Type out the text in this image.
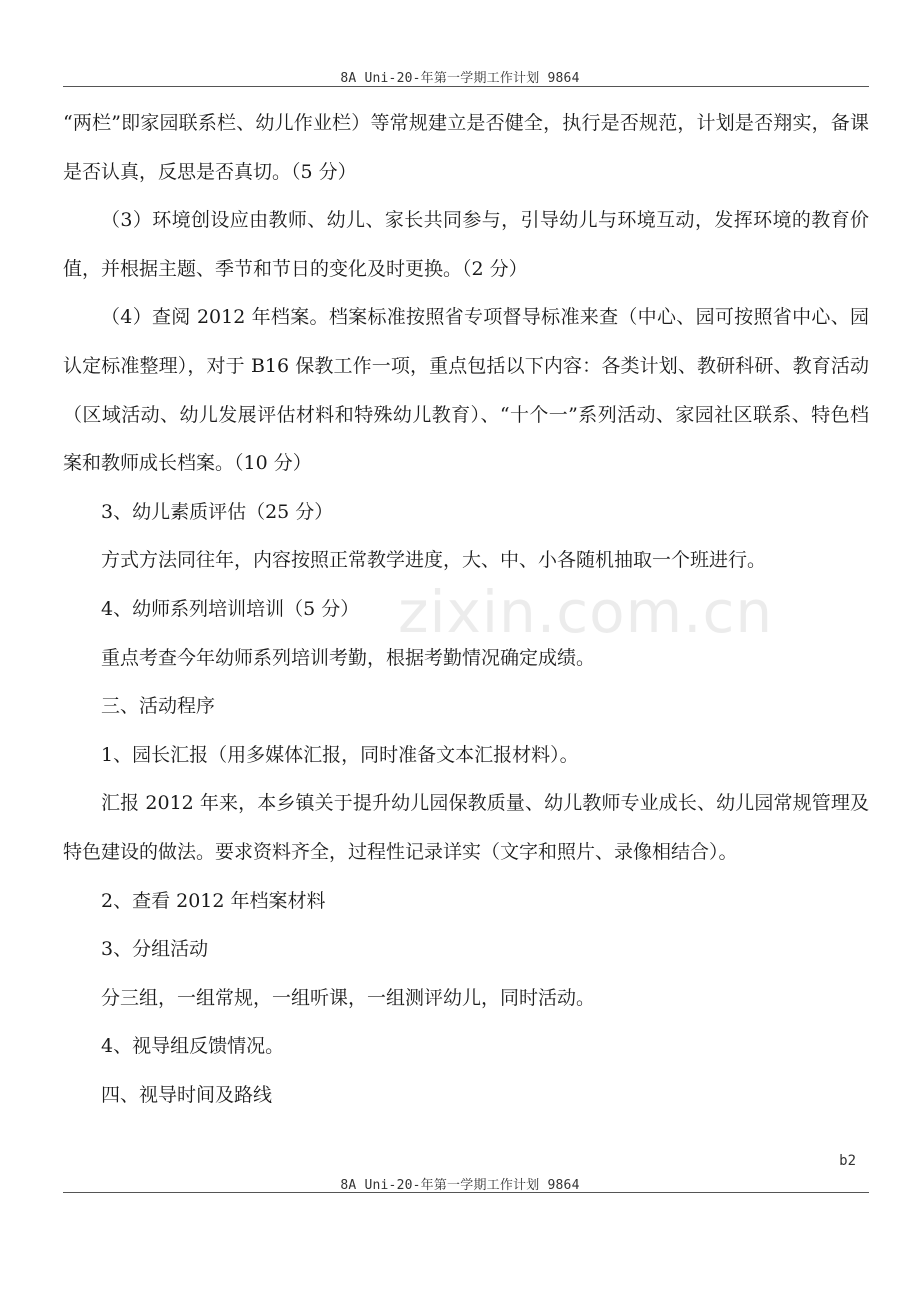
8A Uni-20-年第一学期工作计划 9864
zixin.com.cn

“两栏”即家园联系栏、幼儿作业栏）等常规建立是否健全，执行是否规范，计划是否翔实，备课是否认真，反思是否真切。（5 分）

（3）环境创设应由教师、幼儿、家长共同参与，引导幼儿与环境互动，发挥环境的教育价值，并根据主题、季节和节日的变化及时更换。（2 分）

（4）查阅 2012 年档案。档案标准按照省专项督导标准来查（中心、园可按照省中心、园认定标准整理），对于 B16 保教工作一项，重点包括以下内容：各类计划、教研科研、教育活动（区域活动、幼儿发展评估材料和特殊幼儿教育）、“十个一”系列活动、家园社区联系、特色档案和教师成长档案。（10 分）

3、幼儿素质评估（25 分）

方式方法同往年，内容按照正常教学进度，大、中、小各随机抽取一个班进行。

4、幼师系列培训培训（5 分）

重点考查今年幼师系列培训考勤，根据考勤情况确定成绩。

三、活动程序

1、园长汇报（用多媒体汇报，同时准备文本汇报材料）。

汇报 2012 年来，本乡镇关于提升幼儿园保教质量、幼儿教师专业成长、幼儿园常规管理及特色建设的做法。要求资料齐全，过程性记录详实（文字和照片、录像相结合）。

2、查看 2012 年档案材料

3、分组活动

分三组，一组常规，一组听课，一组测评幼儿，同时活动。

4、视导组反馈情况。

四、视导时间及路线

b2
8A Uni-20-年第一学期工作计划 9864
